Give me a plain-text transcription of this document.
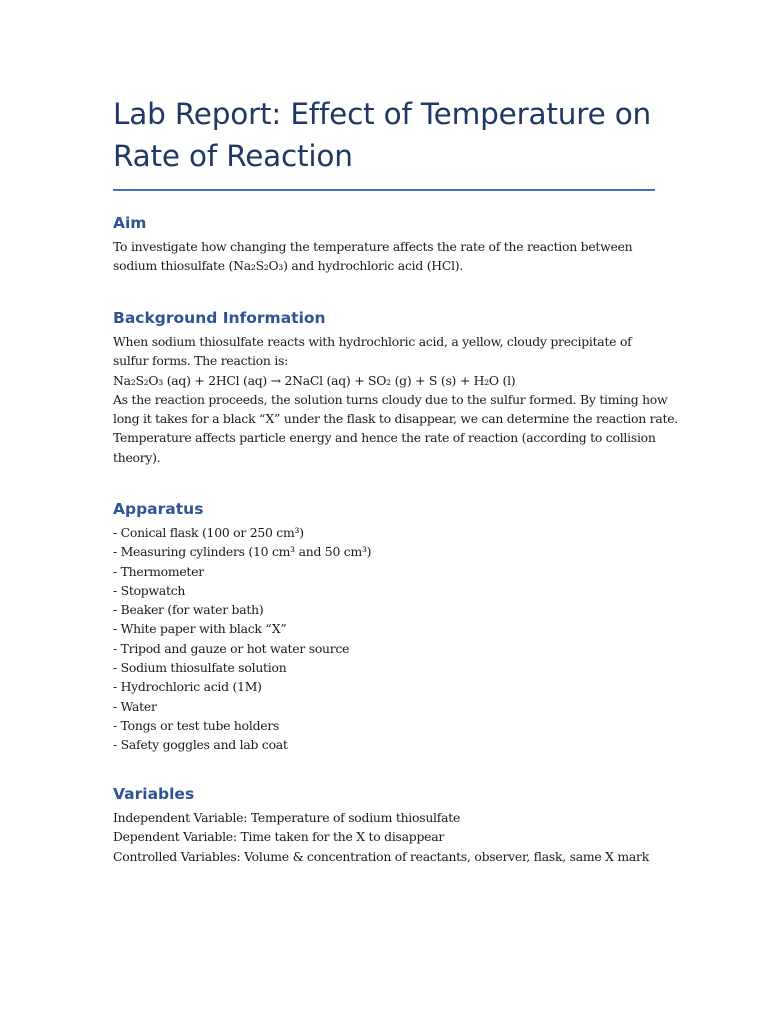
Lab Report: Effect of Temperature on
Rate of Reaction
Aim

To investigate how changing the temperature affects the rate of the reaction between
sodium thiosulfate (Na₂S₂O₃) and hydrochloric acid (HCl).

Background Information

When sodium thiosulfate reacts with hydrochloric acid, a yellow, cloudy precipitate of
sulfur forms. The reaction is:
Na₂S₂O₃ (aq) + 2HCl (aq) → 2NaCl (aq) + SO₂ (g) + S (s) + H₂O (l)
As the reaction proceeds, the solution turns cloudy due to the sulfur formed. By timing how
long it takes for a black “X” under the flask to disappear, we can determine the reaction rate.
Temperature affects particle energy and hence the rate of reaction (according to collision
theory).

Apparatus
- Conical flask (100 or 250 cm³)
- Measuring cylinders (10 cm³ and 50 cm³)
- Thermometer
- Stopwatch
- Beaker (for water bath)
- White paper with black “X”
- Tripod and gauze or hot water source
- Sodium thiosulfate solution
- Hydrochloric acid (1M)
- Water
- Tongs or test tube holders
- Safety goggles and lab coat
Variables

Independent Variable: Temperature of sodium thiosulfate
Dependent Variable: Time taken for the X to disappear
Controlled Variables: Volume & concentration of reactants, observer, flask, same X mark
